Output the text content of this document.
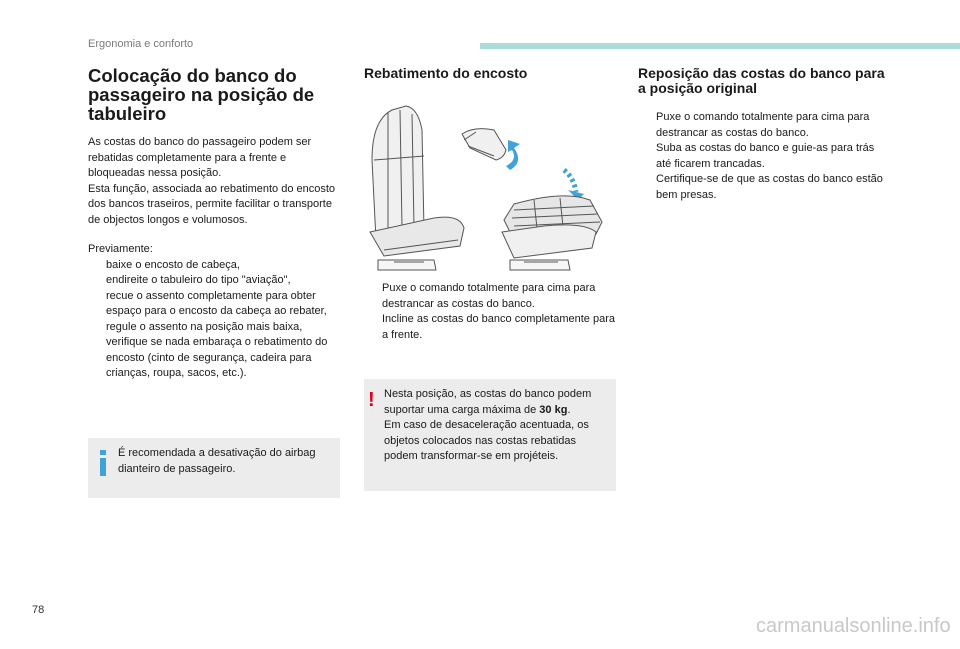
Ergonomia e conforto
Colocação do banco do passageiro na posição de tabuleiro

As costas do banco do passageiro podem ser rebatidas completamente para a frente e bloqueadas nessa posição.

Esta função, associada ao rebatimento do encosto dos bancos traseiros, permite facilitar o transporte de objectos longos e volumosos.

Previamente:

baixe o encosto de cabeça,
endireite o tabuleiro do tipo "aviação",
recue o assento completamente para obter espaço para o encosto da cabeça ao rebater,
regule o assento na posição mais baixa,
verifique se nada embaraça o rebatimento do encosto (cinto de segurança, cadeira para crianças, roupa, sacos, etc.).
É recomendada a desativação do airbag dianteiro de passageiro.
Rebatimento do encosto
Puxe o comando totalmente para cima para destrancar as costas do banco.
Incline as costas do banco completamente para a frente.
! Nesta posição, as costas do banco podem suportar uma carga máxima de 30 kg.
Em caso de desaceleração acentuada, os objetos colocados nas costas rebatidas podem transformar-se em projéteis.
Reposição das costas do banco para a posição original
Puxe o comando totalmente para cima para destrancar as costas do banco.
Suba as costas do banco e guie-as para trás até ficarem trancadas.
Certifique-se de que as costas do banco estão bem presas.
78
carmanualsonline.info
